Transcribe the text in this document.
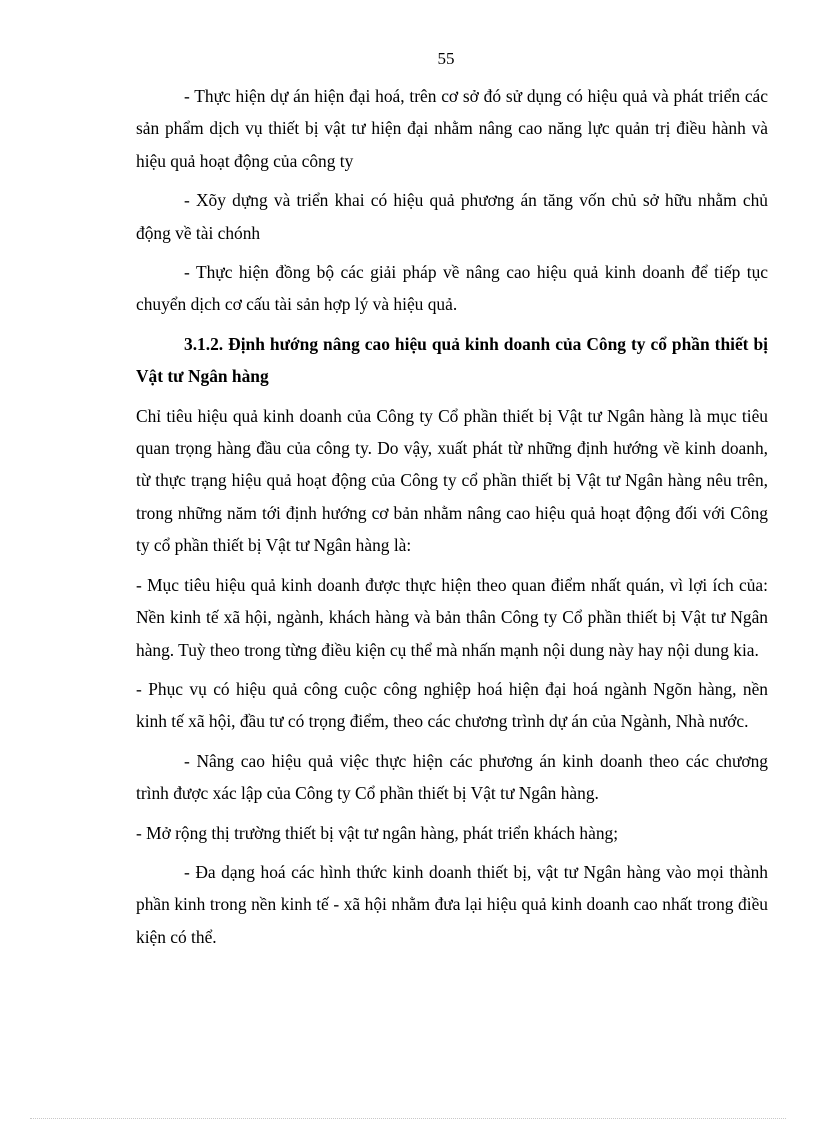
55

- Thực hiện dự án hiện đại hoá, trên cơ sở đó sử dụng có hiệu quả và phát triển các sản phẩm dịch vụ thiết bị vật tư hiện đại nhằm nâng cao năng lực quản trị điều hành và hiệu quả hoạt động của công ty

- Xõy dựng và triển khai có hiệu quả phương án tăng vốn chủ sở hữu nhằm chủ động về tài chónh

- Thực hiện đồng bộ các giải pháp về nâng cao hiệu quả kinh doanh để tiếp tục chuyển dịch cơ cấu tài sản hợp lý và hiệu quả.

3.1.2. Định hướng nâng cao hiệu quả kinh doanh của Công ty cổ phần thiết bị Vật tư Ngân hàng

Chỉ tiêu hiệu quả kinh doanh của Công ty Cổ phần thiết bị Vật tư Ngân hàng là mục tiêu quan trọng hàng đầu của công ty. Do vậy, xuất phát từ những định hướng về kinh doanh, từ thực trạng hiệu quả hoạt động của Công ty cổ phần thiết bị Vật tư Ngân hàng nêu trên, trong những năm tới định hướng cơ bản nhằm nâng cao hiệu quả hoạt động đối với Công ty cổ phần thiết bị Vật tư Ngân hàng là:

- Mục tiêu hiệu quả kinh doanh được thực hiện theo quan điểm nhất quán, vì lợi ích của: Nền kinh tế xã hội, ngành, khách hàng và bản thân Công ty Cổ phần thiết bị Vật tư Ngân hàng. Tuỳ theo trong từng điều kiện cụ thể mà nhấn mạnh nội dung này hay nội dung kia.

- Phục vụ có hiệu quả công cuộc công nghiệp hoá hiện đại hoá ngành Ngõn hàng, nền kinh tế xã hội, đầu tư có trọng điểm, theo các chương trình dự án của Ngành, Nhà nước.

- Nâng cao hiệu quả việc thực hiện các phương án kinh doanh theo các chương trình được xác lập của Công ty Cổ phần thiết bị Vật tư Ngân hàng.

- Mở rộng thị trường thiết bị vật tư ngân hàng, phát triển khách hàng;

- Đa dạng hoá các hình thức kinh doanh thiết bị, vật tư Ngân hàng vào mọi thành phần kinh trong nền kinh tế - xã hội nhằm đưa lại hiệu quả kinh doanh cao nhất trong điều kiện có thể.
